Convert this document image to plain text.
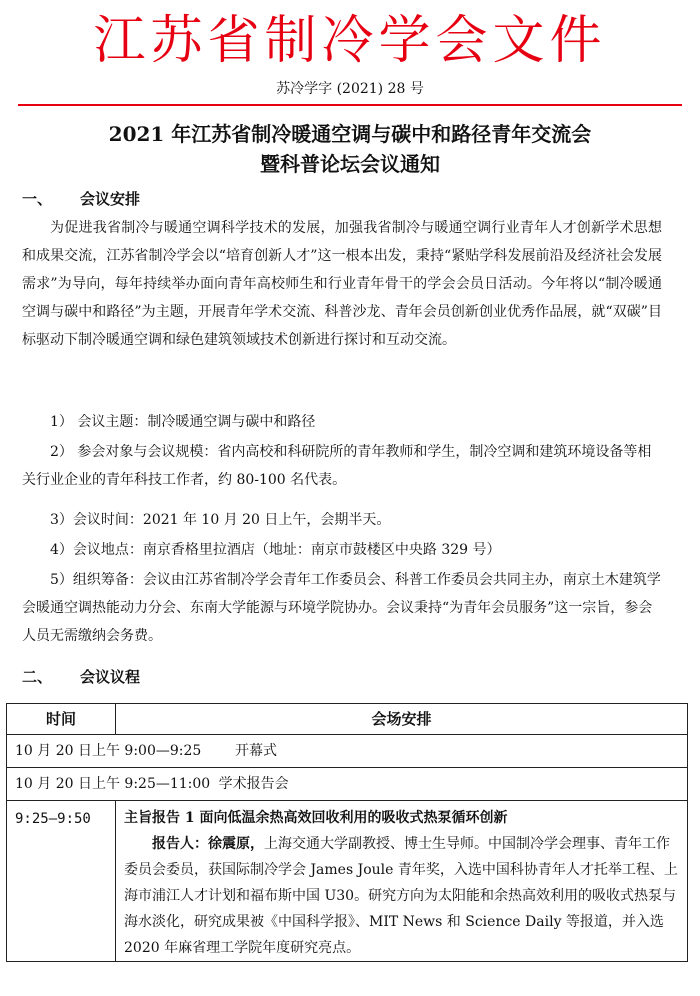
江苏省制冷学会文件
苏冷学字 (2021) 28 号
2021 年江苏省制冷暖通空调与碳中和路径青年交流会
暨科普论坛会议通知
一、 会议安排
为促进我省制冷与暖通空调科学技术的发展，加强我省制冷与暖通空调行业青年人才创新学术思想和成果交流，江苏省制冷学会以“培育创新人才”这一根本出发，秉持“紧贴学科发展前沿及经济社会发展需求”为导向，每年持续举办面向青年高校师生和行业青年骨干的学会会员日活动。今年将以“制冷暖通空调与碳中和路径”为主题，开展青年学术交流、科普沙龙、青年会员创新创业优秀作品展，就“双碳”目标驱动下制冷暖通空调和绿色建筑领域技术创新进行探讨和互动交流。
1） 会议主题：制冷暖通空调与碳中和路径
2） 参会对象与会议规模：省内高校和科研院所的青年教师和学生，制冷空调和建筑环境设备等相关行业企业的青年科技工作者，约 80-100 名代表。
3）会议时间：2021 年 10 月 20 日上午，会期半天。
4）会议地点：南京香格里拉酒店（地址：南京市鼓楼区中央路 329 号）
5）组织筹备：会议由江苏省制冷学会青年工作委员会、科普工作委员会共同主办，南京土木建筑学会暖通空调热能动力分会、东南大学能源与环境学院协办。会议秉持“为青年会员服务”这一宗旨，参会人员无需缴纳会务费。
二、 会议议程
时间	会场安排
10 月 20 日上午 9:00—9:25 开幕式	
10 月 20 日上午 9:25—11:00 学术报告会	
9:25—9:50	主旨报告 1 面向低温余热高效回收利用的吸收式热泵循环创新
报告人：徐震原，上海交通大学副教授、博士生导师。中国制冷学会理事、青年工作委员会委员，获国际制冷学会 James Joule 青年奖，入选中国科协青年人才托举工程、上海市浦江人才计划和福布斯中国 U30。研究方向为太阳能和余热高效利用的吸收式热泵与海水淡化，研究成果被《中国科学报》、MIT News 和 Science Daily 等报道，并入选 2020 年麻省理工学院年度研究亮点。
